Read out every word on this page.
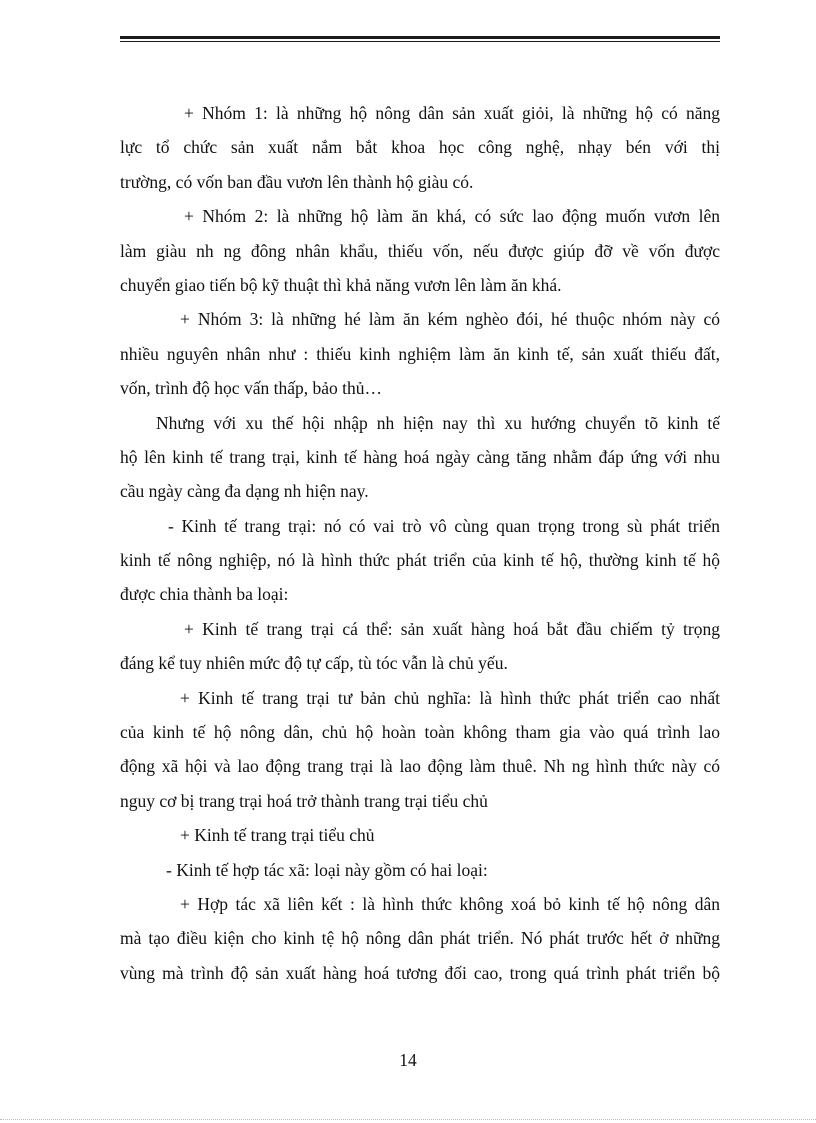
+ Nhóm 1: là những hộ nông dân sản xuất giỏi, là những hộ có năng
lực tổ chức sản xuất nắm bắt khoa học công nghệ, nhạy bén với thị
trường, có vốn ban đầu vươn lên thành hộ giàu có.
+ Nhóm 2: là những hộ làm ăn khá, có sức lao động muốn vươn lên
làm giàu nh ng đông nhân khẩu, thiếu vốn, nếu được giúp đỡ về vốn được
chuyển giao tiến bộ kỹ thuật thì khả năng vươn lên làm ăn khá.
+ Nhóm 3: là những hé làm ăn kém nghèo đói, hé thuộc nhóm này có
nhiều nguyên nhân như : thiếu kinh nghiệm làm ăn kinh tế, sản xuất thiếu đất,
vốn, trình độ học vấn thấp, bảo thủ…
Nhưng với xu thế hội nhập nh hiện nay thì xu hướng chuyển tõ kinh tế
hộ lên kinh tế trang trại, kinh tế hàng hoá ngày càng tăng nhằm đáp ứng với nhu
cầu ngày càng đa dạng nh hiện nay.
- Kinh tế trang trại: nó có vai trò vô cùng quan trọng trong sù phát triển
kinh tế nông nghiệp, nó là hình thức phát triển của kinh tế hộ, thường kinh tế hộ
được chia thành ba loại:
+ Kinh tế trang trại cá thể: sản xuất hàng hoá bắt đầu chiếm tỷ trọng
đáng kể tuy nhiên mức độ tự cấp, tù tóc vẫn là chủ yếu.
+ Kinh tế trang trại tư bản chủ nghĩa: là hình thức phát triển cao nhất
của kinh tế hộ nông dân, chủ hộ hoàn toàn không tham gia vào quá trình lao
động xã hội và lao động trang trại là lao động làm thuê. Nh ng hình thức này có
nguy cơ bị trang trại hoá trở thành trang trại tiểu chủ
+ Kinh tế trang trại tiểu chủ
- Kinh tế hợp tác xã: loại này gồm có hai loại:
+ Hợp tác xã liên kết : là hình thức không xoá bỏ kinh tế hộ nông dân
mà tạo điều kiện cho kinh tệ hộ nông dân phát triển. Nó phát trước hết ở những
vùng mà trình độ sản xuất hàng hoá tương đối cao, trong quá trình phát triển bộ
14
